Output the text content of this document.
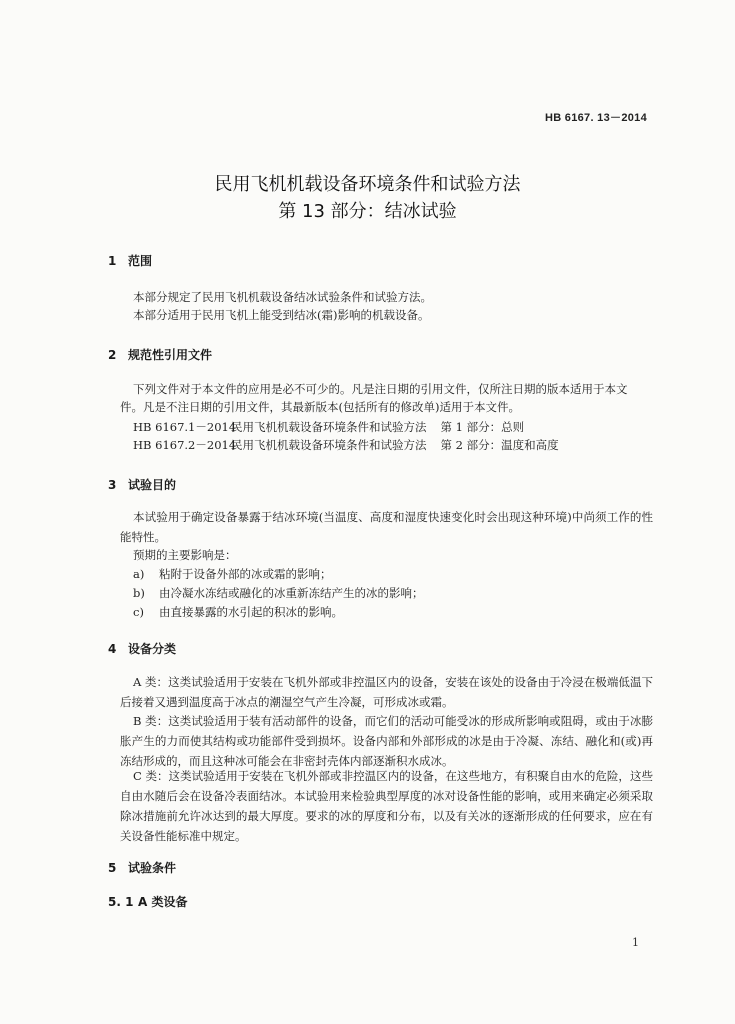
HB 6167. 13－2014
民用飞机机载设备环境条件和试验方法
第 13 部分：结冰试验
1 范围
本部分规定了民用飞机机载设备结冰试验条件和试验方法。
本部分适用于民用飞机上能受到结冰(霜)影响的机载设备。
2 规范性引用文件
下列文件对于本文件的应用是必不可少的。凡是注日期的引用文件，仅所注日期的版本适用于本文
件。凡是不注日期的引用文件，其最新版本(包括所有的修改单)适用于本文件。
HB 6167.1－2014民用飞机机载设备环境条件和试验方法 第 1 部分：总则
HB 6167.2－2014民用飞机机载设备环境条件和试验方法 第 2 部分：温度和高度
3 试验目的
本试验用于确定设备暴露于结冰环境(当温度、高度和湿度快速变化时会出现这种环境)中尚须工作的性能特性。
预期的主要影响是：
a) 粘附于设备外部的冰或霜的影响；
b) 由冷凝水冻结或融化的冰重新冻结产生的冰的影响；
c) 由直接暴露的水引起的积冰的影响。
4 设备分类
A 类：这类试验适用于安装在飞机外部或非控温区内的设备，安装在该处的设备由于冷浸在极端低温下后接着又遇到温度高于冰点的潮湿空气产生冷凝，可形成冰或霜。
B 类：这类试验适用于装有活动部件的设备，而它们的活动可能受冰的形成所影响或阻碍，或由于冰膨胀产生的力而使其结构或功能部件受到损坏。设备内部和外部形成的冰是由于冷凝、冻结、融化和(或)再冻结形成的，而且这种冰可能会在非密封壳体内部逐渐积水成冰。
C 类：这类试验适用于安装在飞机外部或非控温区内的设备，在这些地方，有积聚自由水的危险，这些自由水随后会在设备冷表面结冰。本试验用来检验典型厚度的冰对设备性能的影响，或用来确定必须采取除冰措施前允许冰达到的最大厚度。要求的冰的厚度和分布，以及有关冰的逐渐形成的任何要求，应在有关设备性能标准中规定。
5 试验条件
5. 1 A 类设备
1
